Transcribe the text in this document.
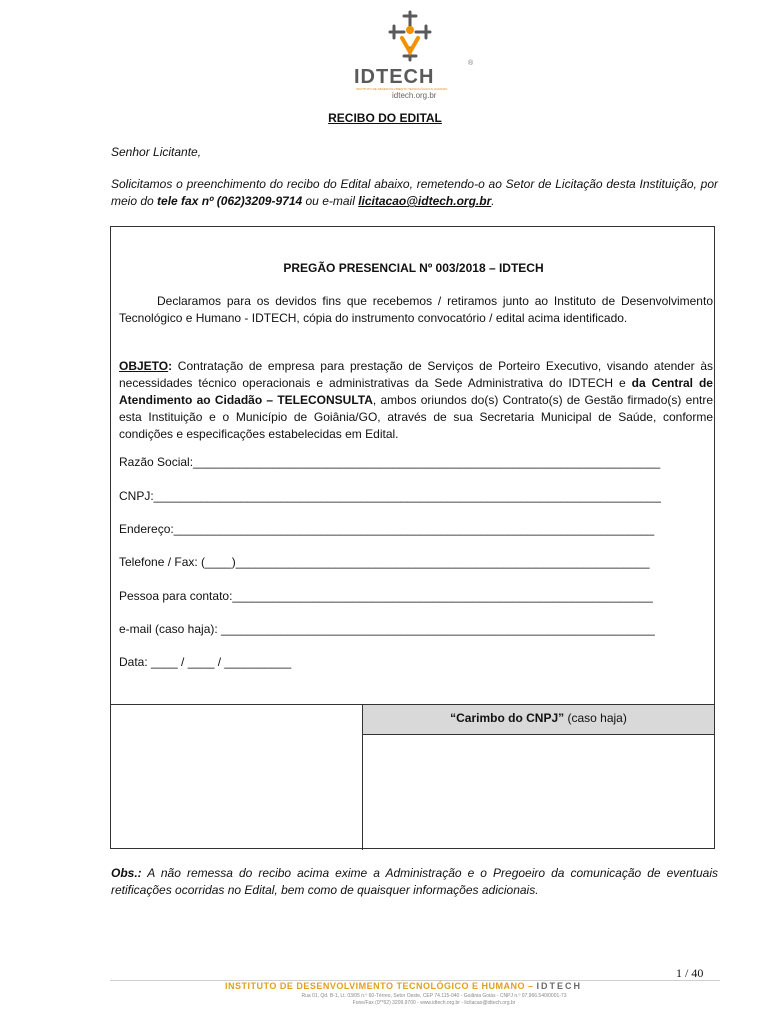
IDTECH
®
INSTITUTO DE DESENVOLVIMENTO TECNOLÓGICO E HUMANO
idtech.org.br
RECIBO DO EDITAL
Senhor Licitante,
Solicitamos o preenchimento do recibo do Edital abaixo, remetendo-o ao Setor de Licitação desta Instituição, por meio do tele fax nº (062)3209-9714 ou e-mail licitacao@idtech.org.br.
PREGÃO PRESENCIAL Nº 003/2018 – IDTECH
Declaramos para os devidos fins que recebemos / retiramos junto ao Instituto de Desenvolvimento Tecnológico e Humano - IDTECH, cópia do instrumento convocatório / edital acima identificado.
OBJETO: Contratação de empresa para prestação de Serviços de Porteiro Executivo, visando atender às necessidades técnico operacionais e administrativas da Sede Administrativa do IDTECH e da Central de Atendimento ao Cidadão – TELECONSULTA, ambos oriundos do(s) Contrato(s) de Gestão firmado(s) entre esta Instituição e o Município de Goiânia/GO, através de sua Secretaria Municipal de Saúde, conforme condições e especificações estabelecidas em Edital.
Razão Social:______________________________________________________________________
CNPJ:____________________________________________________________________________
Endereço:________________________________________________________________________
Telefone / Fax: (____)______________________________________________________________
Pessoa para contato:_______________________________________________________________
e-mail (caso haja): _________________________________________________________________
Data: ____ / ____ / __________
“Carimbo do CNPJ” (caso haja)
Obs.: A não remessa do recibo acima exime a Administração e o Pregoeiro da comunicação de eventuais retificações ocorridas no Edital, bem como de quaisquer informações adicionais.
1 / 40
INSTITUTO DE DESENVOLVIMENTO TECNOLÓGICO E HUMANO – IDTECH
Rua 01, Qd. B-1, Lt. 03/05 n.º 60-Térreo, Setor Oeste, CEP 74.115-040 - Goiânia Goiás - CNPJ n.º 07.966.540/0001-73
Fone/Fax (0**62) 3209.9700 - www.idtech.org.br - licitacao@idtech.org.br
